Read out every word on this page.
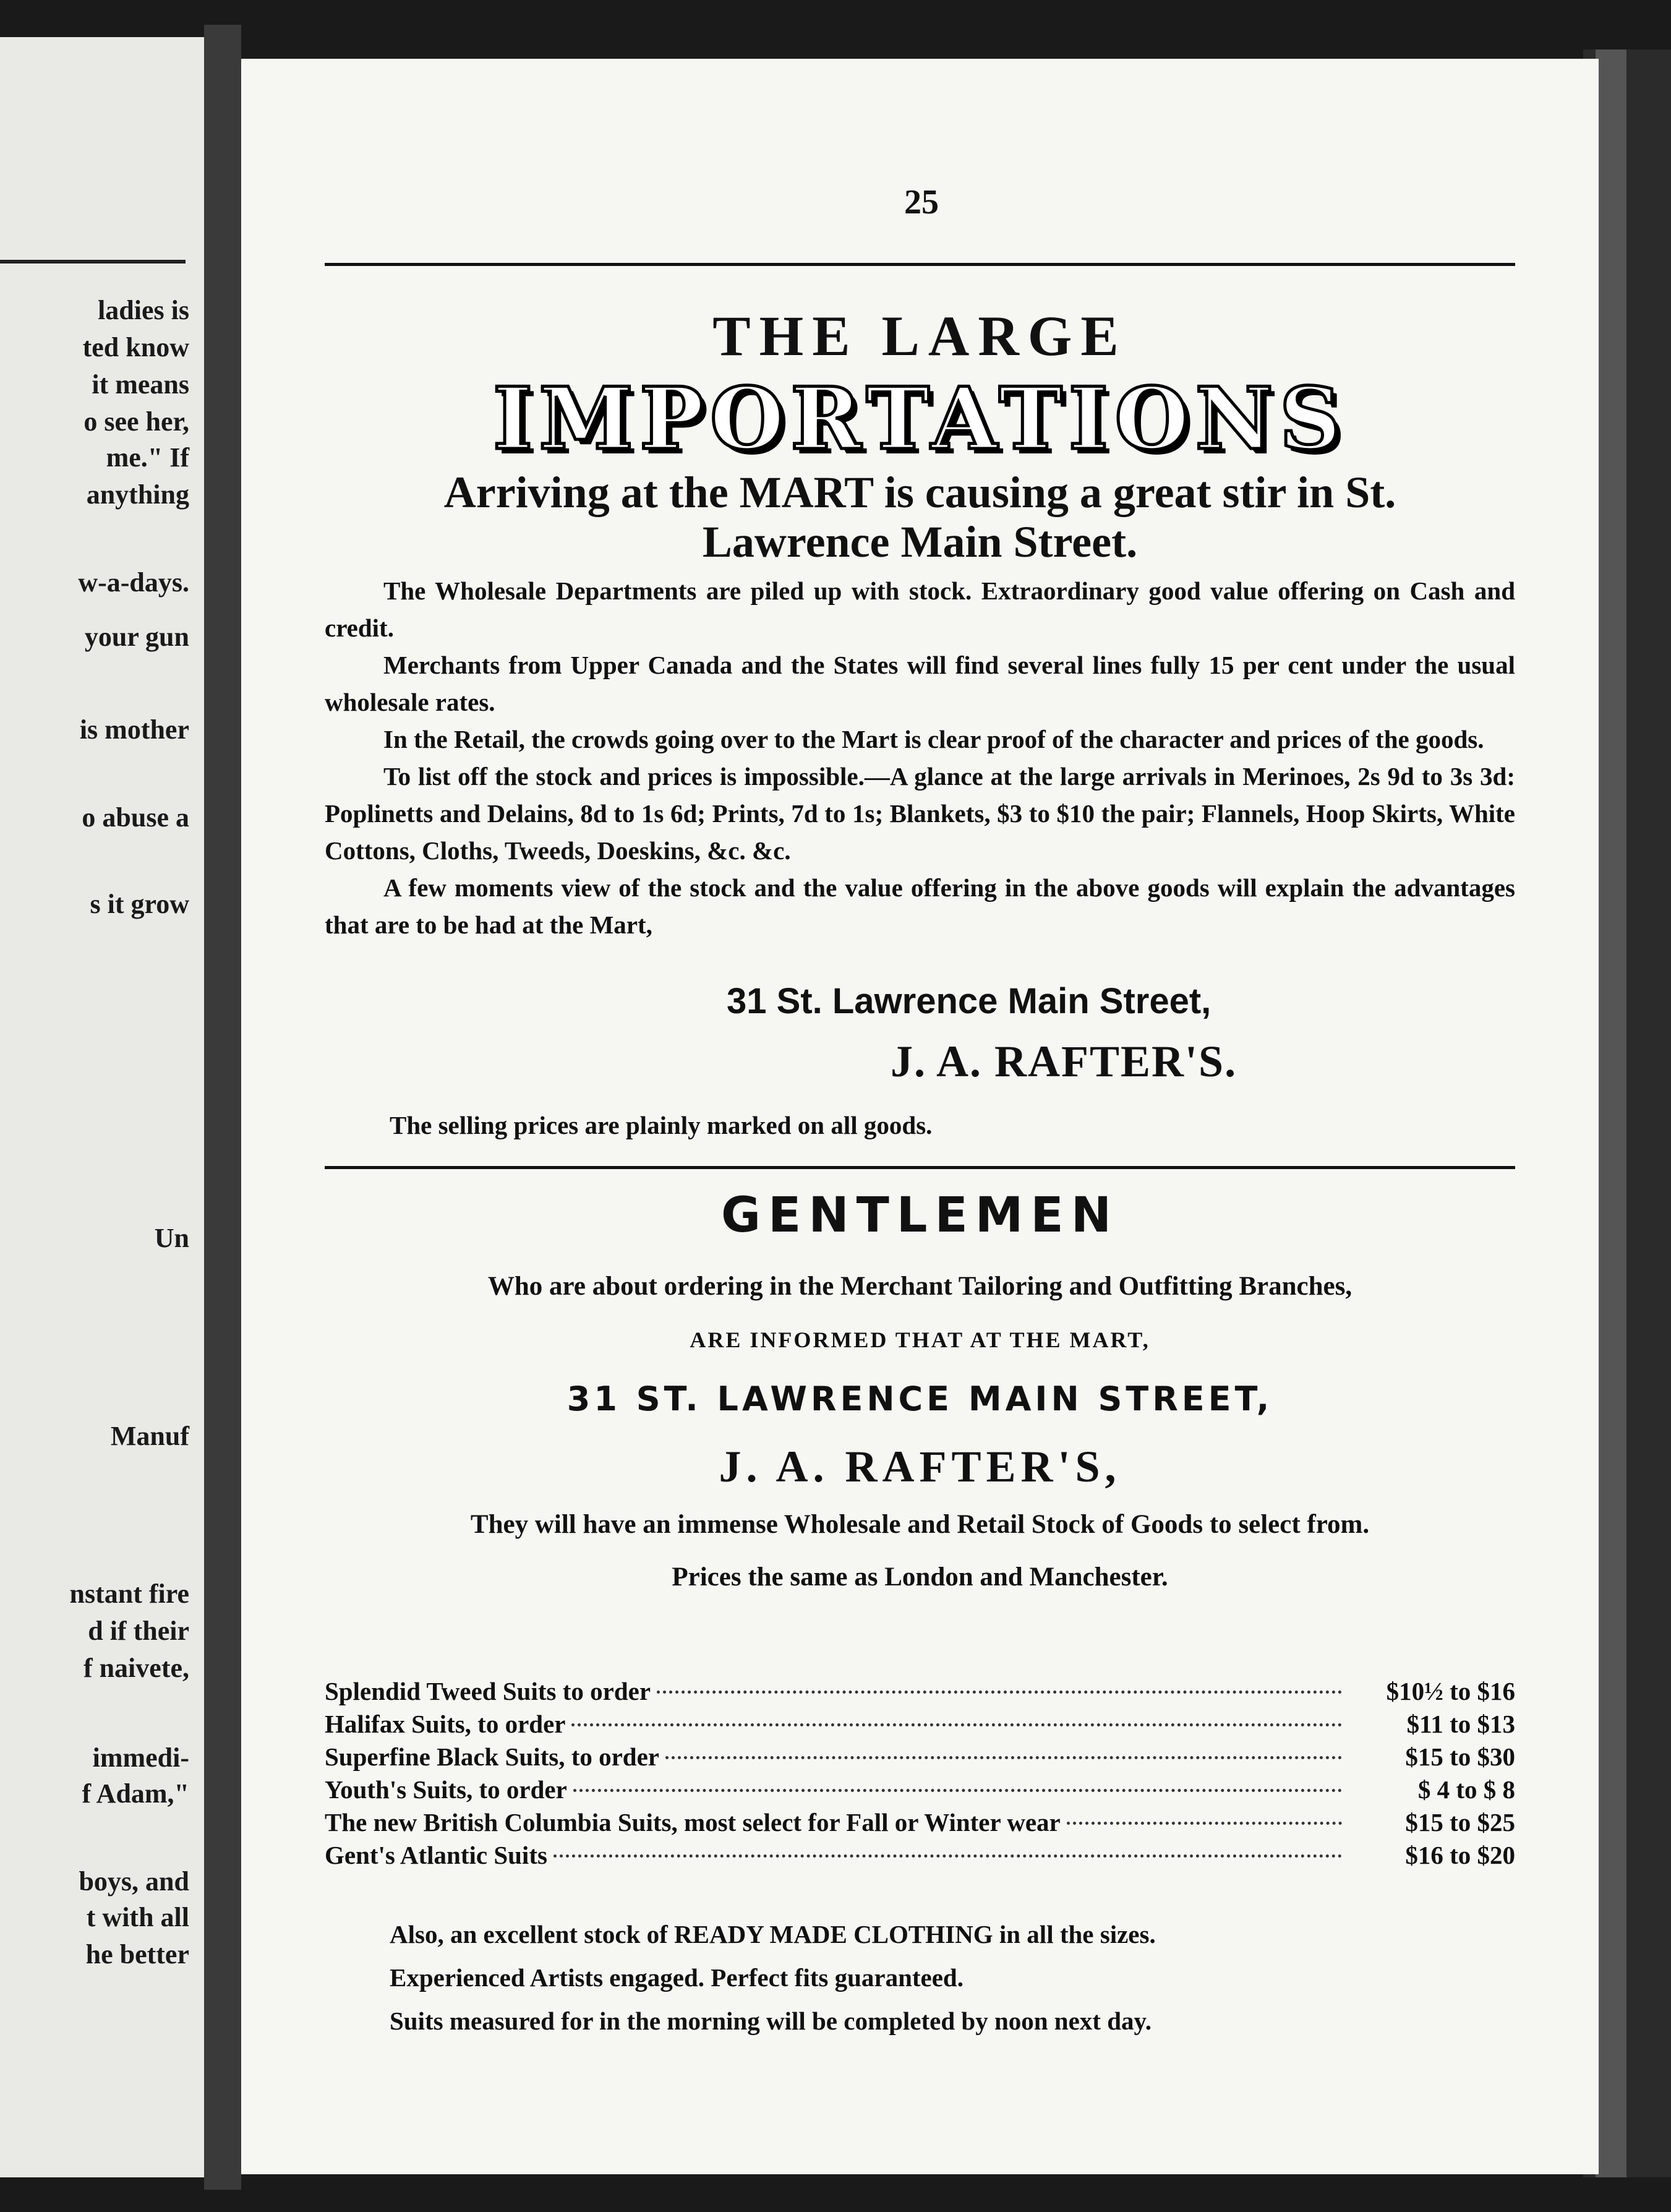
ladies is
ted know
it means
o see her,
me." If
anything
w-a-days.
your gun
is mother
o abuse a
s it grow
Un
Manuf
nstant fire
d if their
f naivete,
immedi-
f Adam,"
boys, and
t with all
he better
25
THE LARGE
IMPORTATIONS
Arriving at the MART is causing a great stir in St.
Lawrence Main Street.

The Wholesale Departments are piled up with stock. Extraordinary good value offering on Cash and credit.

Merchants from Upper Canada and the States will find several lines fully 15 per cent under the usual wholesale rates.

In the Retail, the crowds going over to the Mart is clear proof of the character and prices of the goods.

To list off the stock and prices is impossible.—A glance at the large arrivals in Merinoes, 2s 9d to 3s 3d: Poplinetts and Delains, 8d to 1s 6d; Prints, 7d to 1s; Blankets, $3 to $10 the pair; Flannels, Hoop Skirts, White Cottons, Cloths, Tweeds, Doeskins, &c. &c.

A few moments view of the stock and the value offering in the above goods will explain the advantages that are to be had at the Mart,

31 St. Lawrence Main Street,
J. A. RAFTER'S.
The selling prices are plainly marked on all goods.
GENTLEMEN
Who are about ordering in the Merchant Tailoring and Outfitting Branches,
ARE INFORMED THAT AT THE MART,
31 ST. LAWRENCE MAIN STREET,
J. A. RAFTER'S,
They will have an immense Wholesale and Retail Stock of Goods to select from.
Prices the same as London and Manchester.
Splendid Tweed Suits to order	$10½ to $16
Halifax Suits, to order	$11 to $13
Superfine Black Suits, to order	$15 to $30
Youth's Suits, to order	$ 4 to $ 8
The new British Columbia Suits, most select for Fall or Winter wear	$15 to $25
Gent's Atlantic Suits	$16 to $20
Also, an excellent stock of READY MADE CLOTHING in all the sizes.
Experienced Artists engaged. Perfect fits guaranteed.
Suits measured for in the morning will be completed by noon next day.
